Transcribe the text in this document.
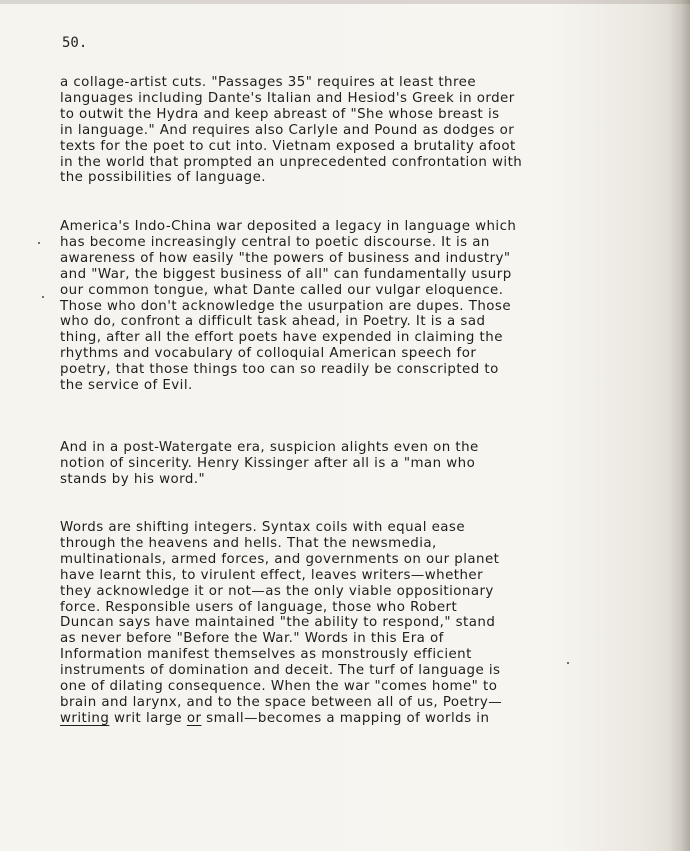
50.
a collage-artist cuts. "Passages 35" requires at least three
languages including Dante's Italian and Hesiod's Greek in order
to outwit the Hydra and keep abreast of "She whose breast is
in language." And requires also Carlyle and Pound as dodges or
texts for the poet to cut into. Vietnam exposed a brutality afoot
in the world that prompted an unprecedented confrontation with
the possibilities of language.
America's Indo-China war deposited a legacy in language which
has become increasingly central to poetic discourse. It is an
awareness of how easily "the powers of business and industry"
and "War, the biggest business of all" can fundamentally usurp
our common tongue, what Dante called our vulgar eloquence.
Those who don't acknowledge the usurpation are dupes. Those
who do, confront a difficult task ahead, in Poetry. It is a sad
thing, after all the effort poets have expended in claiming the
rhythms and vocabulary of colloquial American speech for
poetry, that those things too can so readily be conscripted to
the service of Evil.
And in a post-Watergate era, suspicion alights even on the
notion of sincerity. Henry Kissinger after all is a "man who
stands by his word."
Words are shifting integers. Syntax coils with equal ease
through the heavens and hells. That the newsmedia,
multinationals, armed forces, and governments on our planet
have learnt this, to virulent effect, leaves writers—whether
they acknowledge it or not—as the only viable oppositionary
force. Responsible users of language, those who Robert
Duncan says have maintained "the ability to respond," stand
as never before "Before the War." Words in this Era of
Information manifest themselves as monstrously efficient
instruments of domination and deceit. The turf of language is
one of dilating consequence. When the war "comes home" to
brain and larynx, and to the space between all of us, Poetry—
writing writ large or small—becomes a mapping of worlds in
